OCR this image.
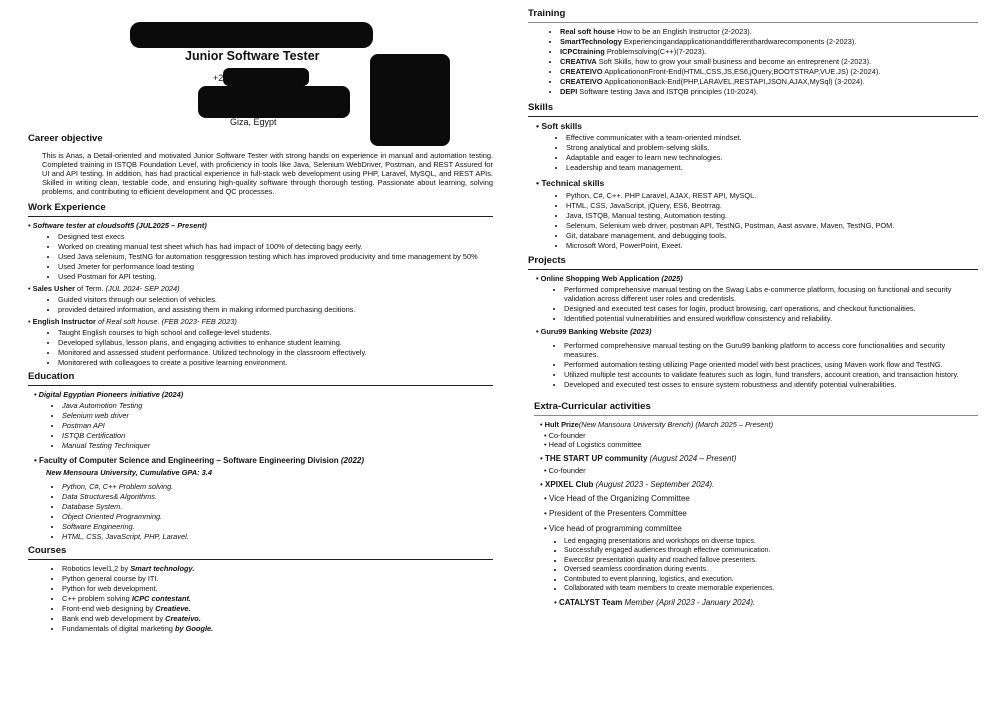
Junior Software Tester
+2
Giza, Egypt
Career objective
This is Anas, a Detail-oriented and motivated Junior Software Tester with strong hands on experience in manual and automation testing. Completed training in ISTQB Foundation Level, with proficiency in tools like Java, Selenium WebDriver, Postman, and REST Assured for UI and API testing. In addition, has had practical experience in full-stack web development using PHP, Laravel, MySQL, and REST APIs. Skilled in writing clean, testable code, and ensuring high-quality software through thorough testing. Passionate about learning, solving problems, and contributing to efficient development and QC processes.
Work Experience
• Software tester at cloudsoft5 (JUL2025 – Present)
• Designed test execs
• Worked on creating manual test sheet which has had impact of 100% of detecting bagy eerly.
• Used Java selenium, TestNG for automation resggression testing which has improved producivity and time management by 50%
• Used Jmeter for performance load testing
• Used Postman for API testing.
• Sales Usher of Term. (JUL 2024- SEP 2024)
• Guided visitors through our selection of vehicles.
• provided detaired information, and assisting them in making informed purchasing decitions.
• English Instructor of Real soft house. (FEB 2023- FEB 2023)
• Taught English courses to high school and college-level students.
• Developed syllabus, lesson plans, and engaging activities to enhance student learning.
• Monitored and assessed student performance. Utilized technology in the classroom effectively.
• Monitorered with colleagoes to create a positive learning environment.
Education
• Digital Egyptian Pioneers initiative (2024)
• Java Automotion Testing
• Selenium web driver
• Postman API
• ISTQB Certification
• Manual Testing Techniquer
• Faculty of Computer Science and Engineering – Software Engineering Division (2022)
New Mensoura University, Cumulative GPA: 3.4
• Python, C#, C++ Problem solving.
• Data Structures& Algorithms.
• Database System.
• Object Oriented Programming.
• Software Engineering.
• HTML, CSS, JavaScript, PHP, Laravel.
Courses
• Robotics level1,2 by Smart technology.
• Python general course by ITI.
• Python for web development.
• C++ problem solving ICPC contestant.
• Front-end web designing by Creatieve.
• Bank end web development by Createivo.
• Fundamentals of digital marketing by Google.
Training
• Real soft house How to be an English Instructor (2-2023).
• SmartTechnology Experiencingandapplicationanddifferenthardwarecomponents (2-2023).
• ICPCtraining Problemsolving(C++)(7-2023).
• CREATIVA Soft Skills, how to grow your small business and become an entreprenent (2-2023).
• CREATEIVO ApplicationonFront-End(HTML,CSS,JS,ES6,jQuery,BOOTSTRAP,VUE.JS) (2-2024).
• CREATEIVO ApplicationonBack-End(PHP,LARAVEL,RESTAPI,JSON,AJAX,MySql) (3-2024).
• DEPI Software testing Java and ISTQB principles (10-2024).
Skills
• Soft skills
• Effective communicater with a team-oriented mindset.
• Strong analytical and problem-selving skills.
• Adaptable and eager to learn new technologies.
• Leadership and team management.
• Technical skills
• Python, C#, C++. PHP Laravel, AJAX, REST API, MySQL.
• HTML, CSS, JavaScript, jQuery, ES6, Beotrrag.
• Java, ISTQB, Manual testing, Automation testing.
• Selenum, Selenium web driver, postman API, TestNG, Postman, Aast asvare, Maven, TestNG, POM.
• Git, databare management, and debugging tools.
• Microsoft Word, PowerPoint, Exeet.
Projects
• Online Shopping Web Application (2025)
• Performed comprehensive manual testing on the Swag Labs e-commerce platform, focusing on functional and security validation across different user roles and credentisls.
• Designed and executed test cases for login, product browsing, cart operations, and checkout functionalities.
• Identified potential vulnerabilities and ensured workflow consistency and reliability.
• Guru99 Banking Website (2023)
• Performed comprehensive manual testing on the Guru99 banking platform to access core functionalities and security measures.
• Performed automation testing utilizing Page oriented model with best practices, using Maven work flow and TestNG.
• Utilized multiple test accounts to validate features such as login, fund transfers, account creation, and transaction history.
• Developed and executed test osses to ensure system robustness and identify potential vulnerabilities.
Extra-Curricular activities
• Hult Prize(New Mansoura University Brench) (March 2025 – Present)
• Co-founder
• Head of Logistics committee
• THE START UP community (August 2024 – Present)
• Co-founder
• XPIXEL Club (August 2023 - September 2024).
• Vice Head of the Organizing Committee
• President of the Presenters Committee
• Vice head of programming committee
• Led engaging presentations and workshops on diverse topics.
• Successfully engaged audiences through effective communication.
• Ewecc8sr presentation quality and roached fallove presenters.
• Oversed seamless coordination during events.
• Contributed to event planning, logistics, and execution.
• Collaborated with team members to create memorable experiences.
• CATALYST Team Member (April 2023 - January 2024).
